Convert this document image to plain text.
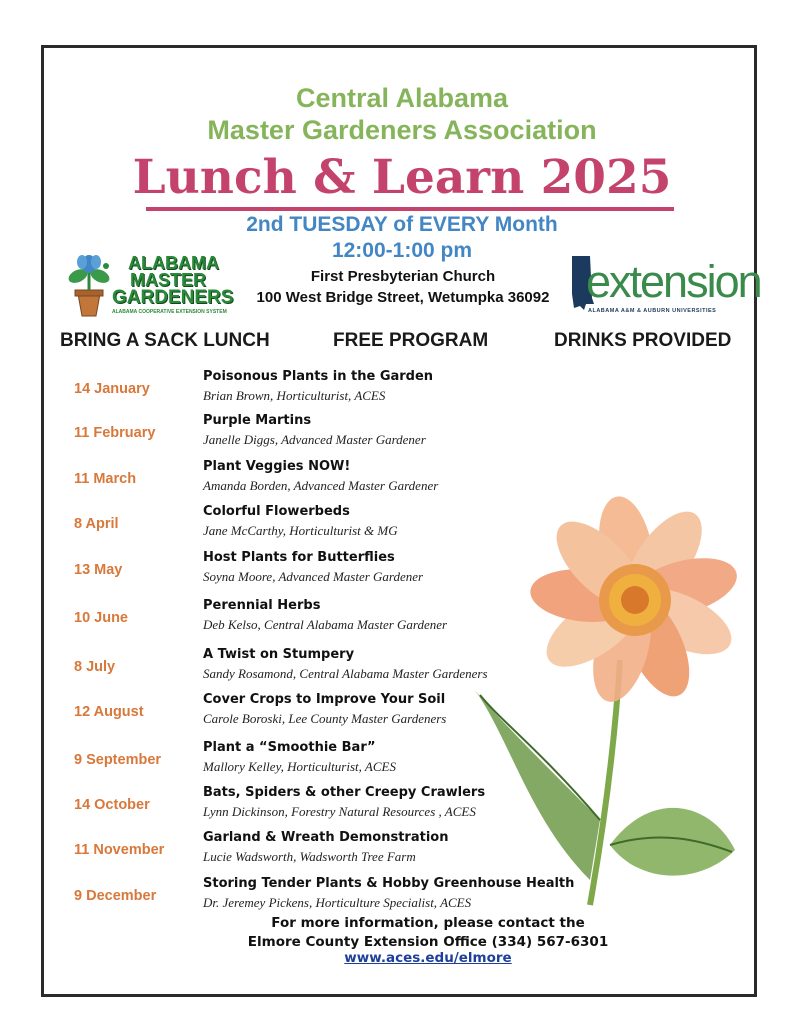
Central Alabama
Master Gardeners Association
Lunch & Learn 2025
2nd TUESDAY of EVERY Month
12:00-1:00 pm
First Presbyterian Church
100 West Bridge Street, Wetumpka 36092
ALABAMA
MASTER
GARDENERS
ALABAMA COOPERATIVE EXTENSION SYSTEM
extension
ALABAMA A&M & AUBURN UNIVERSITIES
BRING A SACK LUNCH	FREE PROGRAM	DRINKS PROVIDED
14 January
Poisonous Plants in the Garden
Brian Brown, Horticulturist, ACES
11 February
Purple Martins
Janelle Diggs, Advanced Master Gardener
11 March
Plant Veggies NOW!
Amanda Borden, Advanced Master Gardener
8 April
Colorful Flowerbeds
Jane McCarthy, Horticulturist & MG
13 May
Host Plants for Butterflies
Soyna Moore, Advanced Master Gardener
10 June
Perennial Herbs
Deb Kelso, Central Alabama Master Gardener
8 July
A Twist on Stumpery
Sandy Rosamond, Central Alabama Master Gardeners
12 August
Cover Crops to Improve Your Soil
Carole Boroski, Lee County Master Gardeners
9 September
Plant a “Smoothie Bar”
Mallory Kelley, Horticulturist, ACES
14 October
Bats, Spiders & other Creepy Crawlers
Lynn Dickinson, Forestry Natural Resources , ACES
11 November
Garland & Wreath Demonstration
Lucie Wadsworth, Wadsworth Tree Farm
9 December
Storing Tender Plants & Hobby Greenhouse Health
Dr. Jeremey Pickens, Horticulture Specialist, ACES
For more information, please contact the
Elmore County Extension Office (334) 567-6301
www.aces.edu/elmore
